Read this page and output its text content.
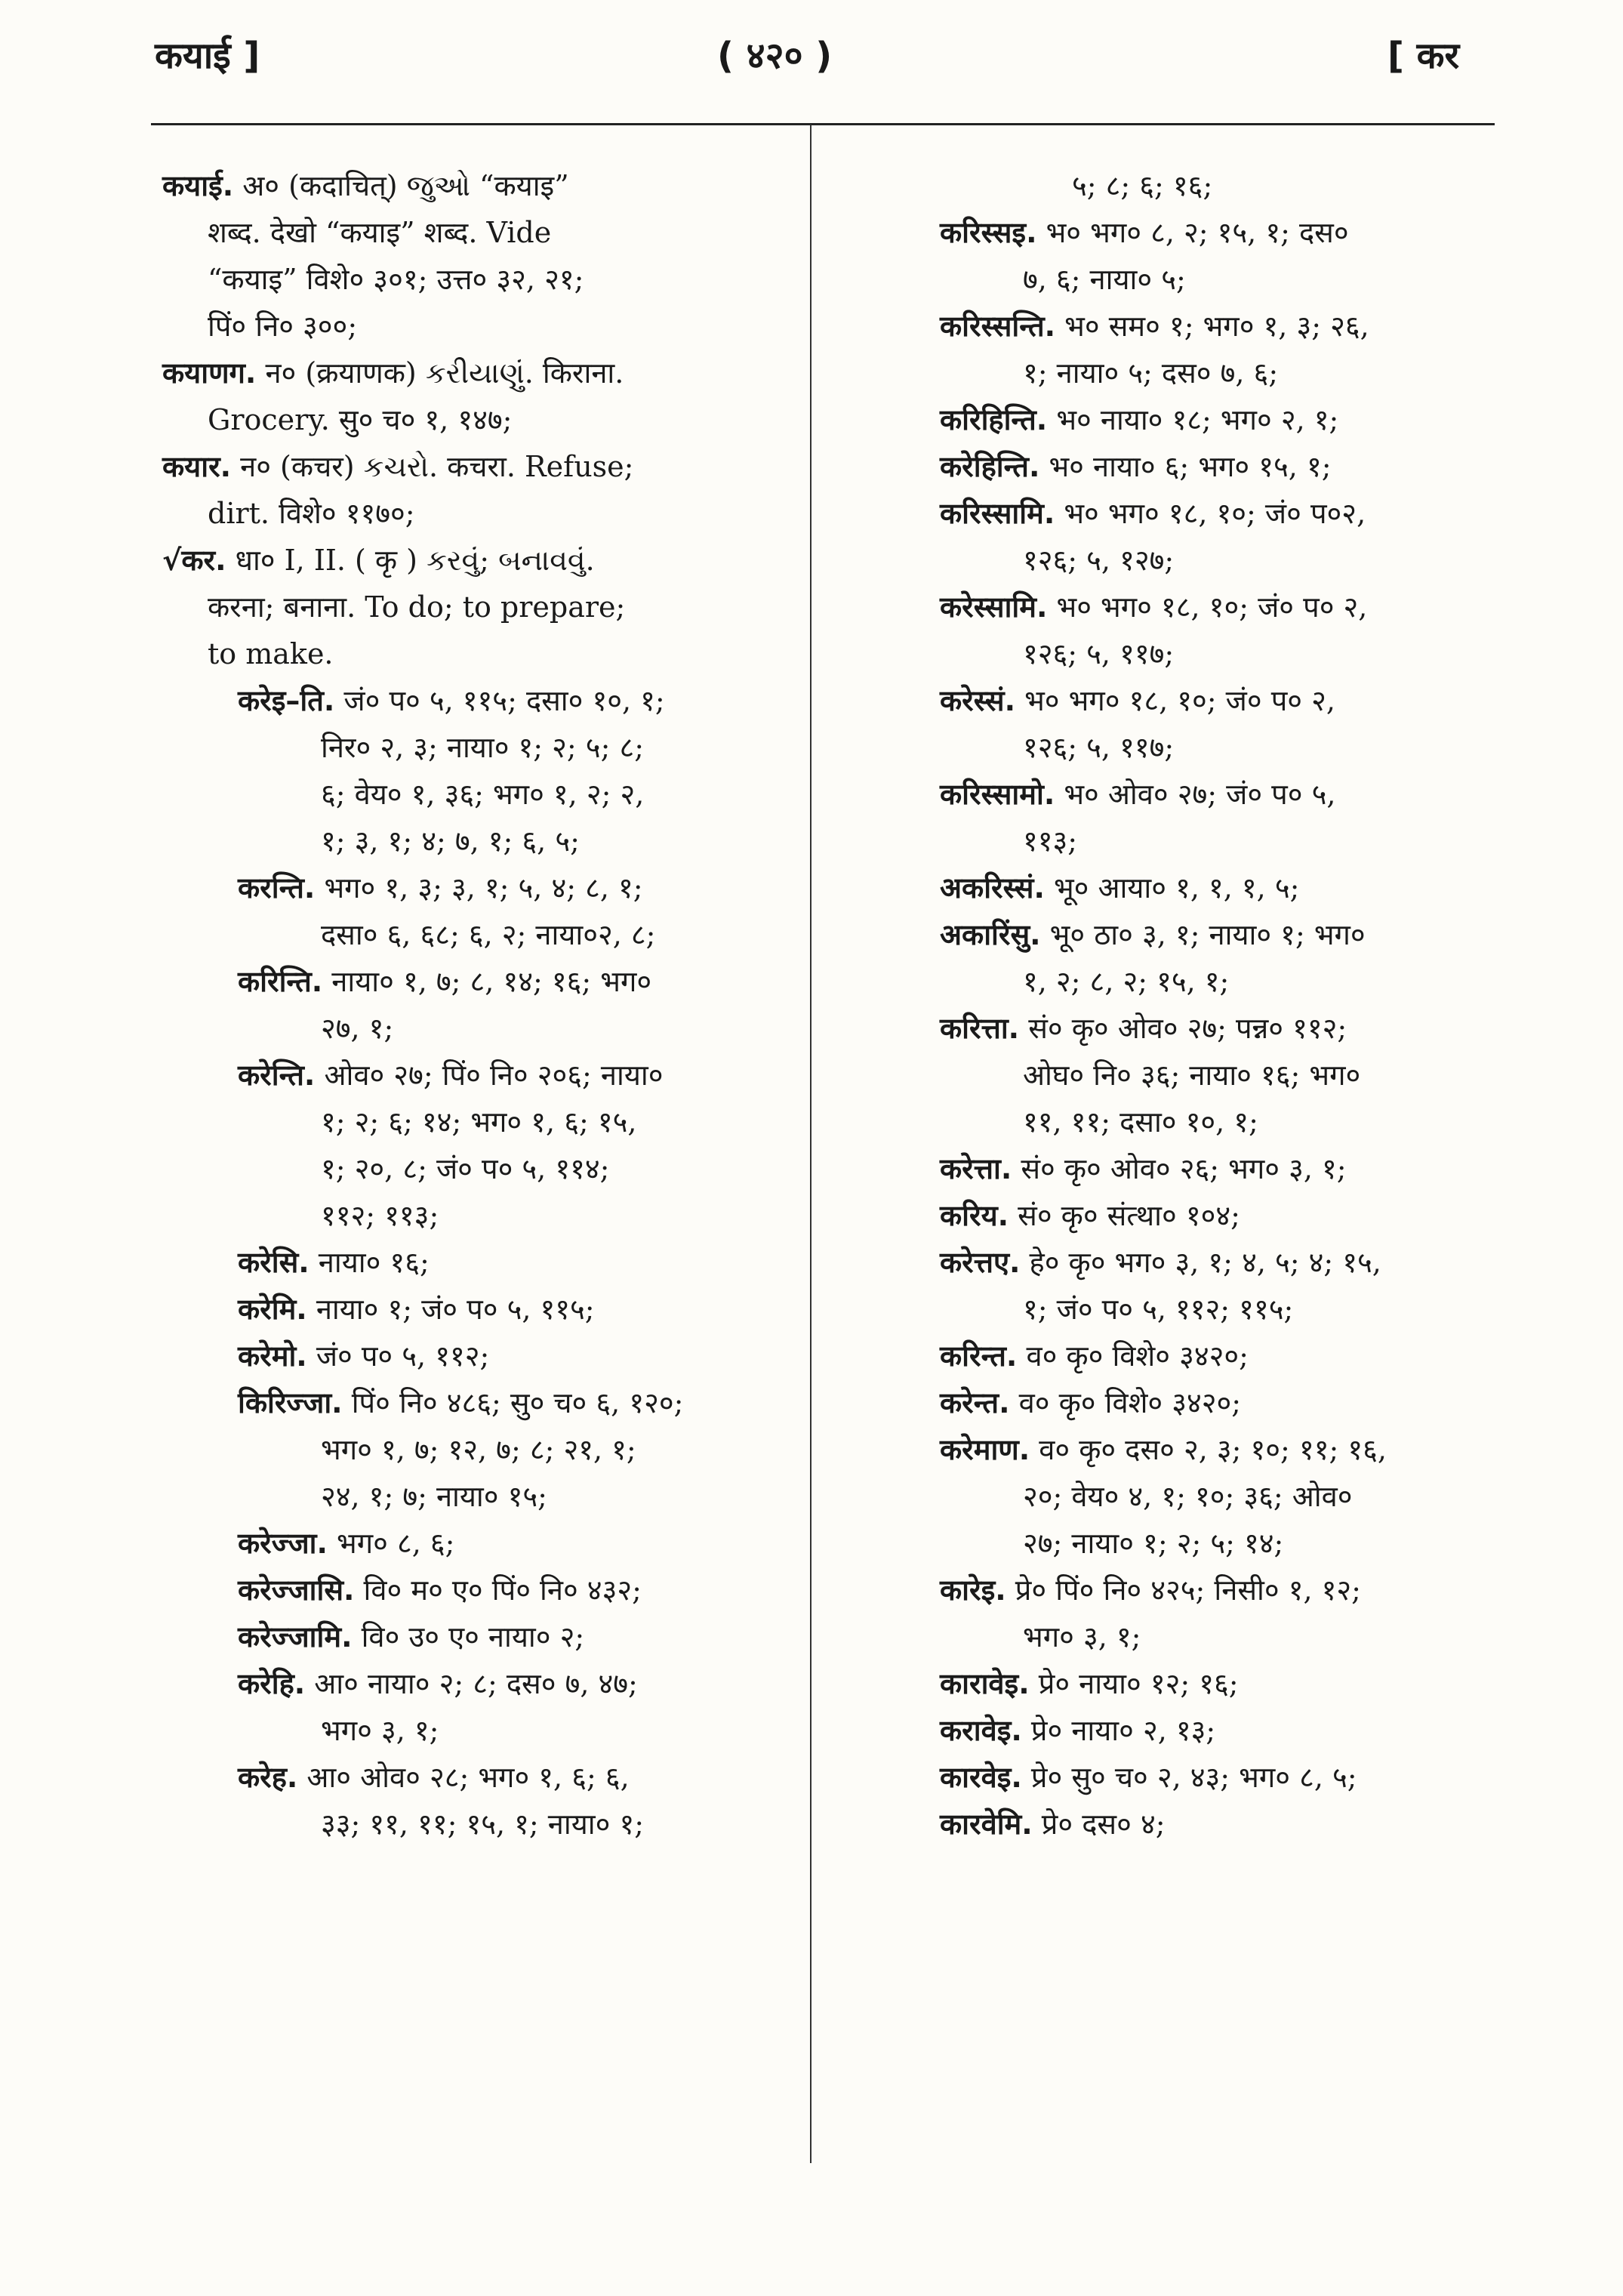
कयाई ]	( ४२० )	[ कर
कयाई. अ० (कदाचित्) જુઓ “कयाइ”
शब्द. देखो “कयाइ” शब्द. Vide
“कयाइ” विशे० ३०१; उत्त० ३२, २१;
पिं० नि० ३००;
कयाणग. न० (क्रयाणक) કરીયાણું. किराना.
Grocery. सु० च० १, १४७;
कयार. न० (कचर) કચરો. कचरा. Refuse;
dirt. विशे० ११७०;
√कर. धा० I, II. ( कृ ) કરવું; બનાવવું.
करना; बनाना. To do; to prepare;
to make.
करेइ–ति. जं० प० ५, ११५; दसा० १०, १;
निर० २, ३; नाया० १; २; ५; ८;
६; वेय० १, ३६; भग० १, २; २,
१; ३, १; ४; ७, १; ६, ५;
करन्ति. भग० १, ३; ३, १; ५, ४; ८, १;
दसा० ६, ६८; ६, २; नाया०२, ८;
करिन्ति. नाया० १, ७; ८, १४; १६; भग०
२७, १;
करेन्ति. ओव० २७; पिं० नि० २०६; नाया०
१; २; ६; १४; भग० १, ६; १५,
१; २०, ८; जं० प० ५, ११४;
११२; ११३;
करेसि. नाया० १६;
करेमि. नाया० १; जं० प० ५, ११५;
करेमो. जं० प० ५, ११२;
किरिज्जा. पिं० नि० ४८६; सु० च० ६, १२०;
भग० १, ७; १२, ७; ८; २१, १;
२४, १; ७; नाया० १५;
करेज्जा. भग० ८, ६;
करेज्जासि. वि० म० ए० पिं० नि० ४३२;
करेज्जामि. वि० उ० ए० नाया० २;
करेहि. आ० नाया० २; ८; दस० ७, ४७;
भग० ३, १;
करेह. आ० ओव० २८; भग० १, ६; ६,
३३; ११, ११; १५, १; नाया० १;
५; ८; ६; १६;
करिस्सइ. भ० भग० ८, २; १५, १; दस०
७, ६; नाया० ५;
करिस्सन्ति. भ० सम० १; भग० १, ३; २६,
१; नाया० ५; दस० ७, ६;
करिहिन्ति. भ० नाया० १८; भग० २, १;
करेहिन्ति. भ० नाया० ६; भग० १५, १;
करिस्सामि. भ० भग० १८, १०; जं० प०२,
१२६; ५, १२७;
करेस्सामि. भ० भग० १८, १०; जं० प० २,
१२६; ५, ११७;
करेस्सं. भ० भग० १८, १०; जं० प० २,
१२६; ५, ११७;
करिस्सामो. भ० ओव० २७; जं० प० ५,
११३;
अकरिस्सं. भू० आया० १, १, १, ५;
अकारिंसु. भू० ठा० ३, १; नाया० १; भग०
१, २; ८, २; १५, १;
करित्ता. सं० कृ० ओव० २७; पन्न० ११२;
ओघ० नि० ३६; नाया० १६; भग०
११, ११; दसा० १०, १;
करेत्ता. सं० कृ० ओव० २६; भग० ३, १;
करिय. सं० कृ० संत्था० १०४;
करेत्तए. हे० कृ० भग० ३, १; ४, ५; ४; १५,
१; जं० प० ५, ११२; ११५;
करिन्त. व० कृ० विशे० ३४२०;
करेन्त. व० कृ० विशे० ३४२०;
करेमाण. व० कृ० दस० २, ३; १०; ११; १६,
२०; वेय० ४, १; १०; ३६; ओव०
२७; नाया० १; २; ५; १४;
कारेइ. प्रे० पिं० नि० ४२५; निसी० १, १२;
भग० ३, १;
कारावेइ. प्रे० नाया० १२; १६;
करावेइ. प्रे० नाया० २, १३;
कारवेइ. प्रे० सु० च० २, ४३; भग० ८, ५;
कारवेमि. प्रे० दस० ४;
